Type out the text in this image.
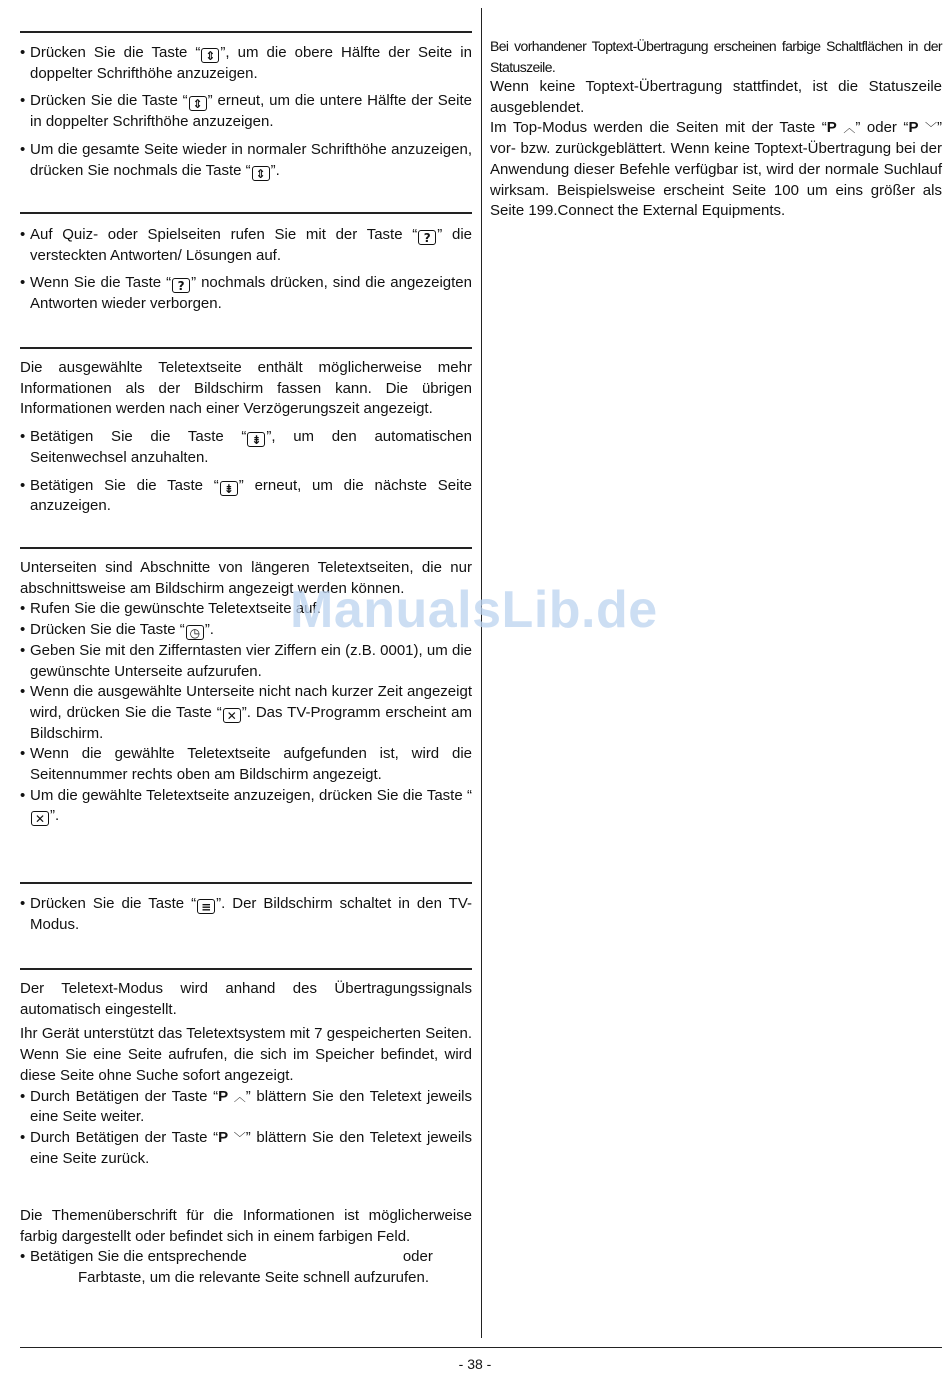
• Drücken Sie die Taste “ ⇕ ”, um die obere Hälfte der Seite in doppelter Schrifthöhe anzuzeigen.

• Drücken Sie die Taste “ ⇕ ” erneut, um die untere Hälfte der Seite in doppelter Schrifthöhe anzuzeigen.

• Um die gesamte Seite wieder in normaler Schrifthöhe anzuzeigen, drücken Sie nochmals die Taste “ ⇕ ”.

• Auf Quiz- oder Spielseiten rufen Sie mit der Taste “ ? ” die versteckten Antworten/ Lösungen auf.

• Wenn Sie die Taste “ ? ” nochmals drücken, sind die angezeigten Antworten wieder verborgen.

Die ausgewählte Teletextseite enthält möglicherweise mehr Informationen als der Bildschirm fassen kann. Die übrigen Informationen werden nach einer Verzögerungszeit angezeigt.

• Betätigen Sie die Taste “ ⇟ ”, um den automatischen Seitenwechsel anzuhalten.

• Betätigen Sie die Taste “ ⇟ ” erneut, um die nächste Seite anzuzeigen.

Unterseiten sind Abschnitte von längeren Teletextseiten, die nur abschnittsweise am Bildschirm angezeigt werden können.

• Rufen Sie die gewünschte Teletextseite auf.

• Drücken Sie die Taste “ ◷ ”.

• Geben Sie mit den Zifferntasten vier Ziffern ein (z.B. 0001), um die gewünschte Unterseite aufzurufen.

• Wenn die ausgewählte Unterseite nicht nach kurzer Zeit angezeigt wird, drücken Sie die Taste “ ✕ ”. Das TV-Programm erscheint am Bildschirm.

• Wenn die gewählte Teletextseite aufgefunden ist, wird die Seitennummer rechts oben am Bildschirm angezeigt.

• Um die gewählte Teletextseite anzuzeigen, drücken Sie die Taste “✕ ”.

• Drücken Sie die Taste “ ≡ ”. Der Bildschirm schaltet in den TV-Modus.

Der Teletext-Modus wird anhand des Übertragungssignals automatisch eingestellt.

Ihr Gerät unterstützt das Teletextsystem mit 7 gespeicherten Seiten. Wenn Sie eine Seite aufrufen, die sich im Speicher befindet, wird diese Seite ohne Suche sofort angezeigt.

• Durch Betätigen der Taste “P ︿” blättern Sie den Teletext jeweils eine Seite weiter.

• Durch Betätigen der Taste “P ﹀” blättern Sie den Teletext jeweils eine Seite zurück.

Die Themenüberschrift für die Informationen ist möglicherweise farbig dargestellt oder befindet sich in einem farbigen Feld.

• Betätigen Sie die entsprechende	oder
Farbtaste, um die relevante Seite schnell aufzurufen.

Bei vorhandener Toptext-Übertragung erscheinen farbige Schaltflächen in der Statuszeile.

Wenn keine Toptext-Übertragung stattfindet, ist die Statuszeile ausgeblendet.

Im Top-Modus werden die Seiten mit der Taste “P ︿” oder “P ﹀” vor- bzw. zurückgeblättert. Wenn keine Toptext-Übertragung bei der Anwendung dieser Befehle verfügbar ist, wird der normale Suchlauf wirksam. Beispielsweise erscheint Seite 100 um eins größer als Seite 199.Connect the External Equipments.

ManualsLib.de
- 38 -
